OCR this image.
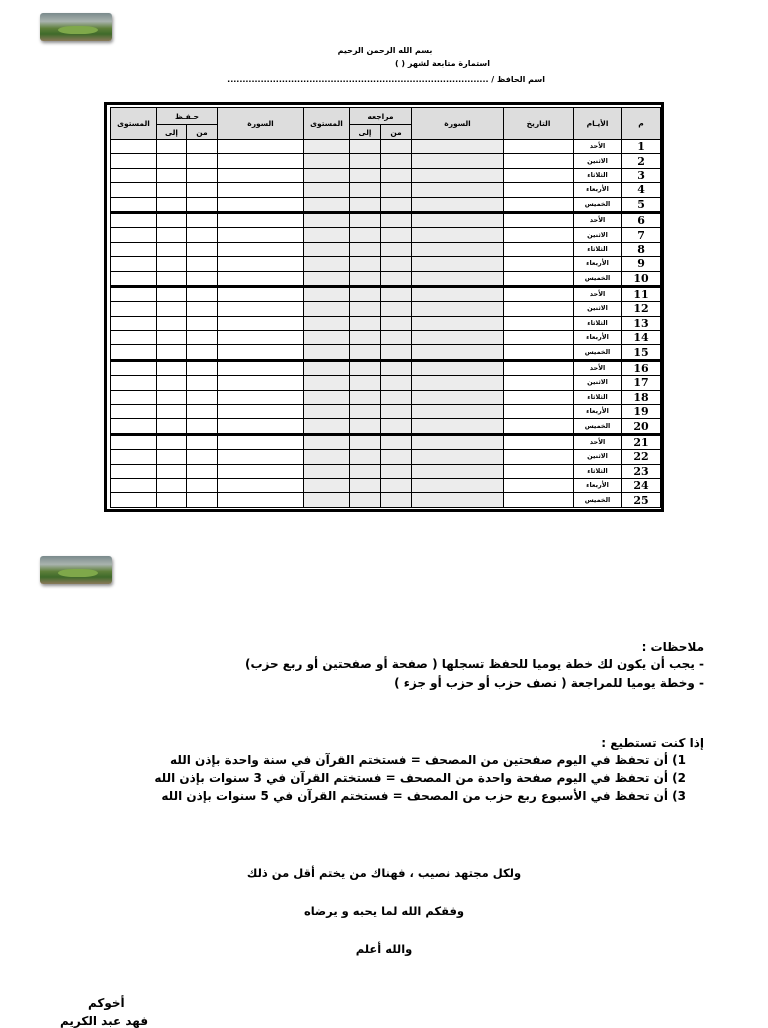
بسم الله الرحمن الرحيم
استمارة متابعة لشهر ( )
اسم الحافظ / ......................................................................................
م	الأيـام	التاريخ	السورة	مراجعه		المستوى	السورة	حـفـظ		المستوى
				من	إلى			من	إلى	
1	الأحد									
2	الاثنين									
3	الثلاثاء									
4	الأربعاء									
5	الخميس									
6	الأحد									
7	الاثنين									
8	الثلاثاء									
9	الأربعاء									
10	الخميس									
11	الأحد									
12	الاثنين									
13	الثلاثاء									
14	الأربعاء									
15	الخميس									
16	الأحد									
17	الاثنين									
18	الثلاثاء									
19	الأربعاء									
20	الخميس									
21	الأحد									
22	الاثنين									
23	الثلاثاء									
24	الأربعاء									
25	الخميس									
ملاحظات :
- يجب أن يكون لك خطة يوميا للحفظ تسجلها ( صفحة أو صفحتين أو ربع حزب)
- وخطة يوميا للمراجعة ( نصف حزب أو حزب أو جزء )
إذا كنت تستطيع :
1) أن تحفظ في اليوم صفحتين من المصحف = فستختم القرآن في سنة واحدة بإذن الله
2) أن تحفظ في اليوم صفحة واحدة من المصحف = فستختم القرآن في 3 سنوات بإذن الله
3) أن تحفظ في الأسبوع ربع حزب من المصحف = فستختم القرآن في 5 سنوات بإذن الله
ولكل مجتهد نصيب ، فهناك من يختم أقل من ذلك
وفقكم الله لما يحبه و يرضاه
والله أعلم
أخوكم
فهد عبد الكريم
